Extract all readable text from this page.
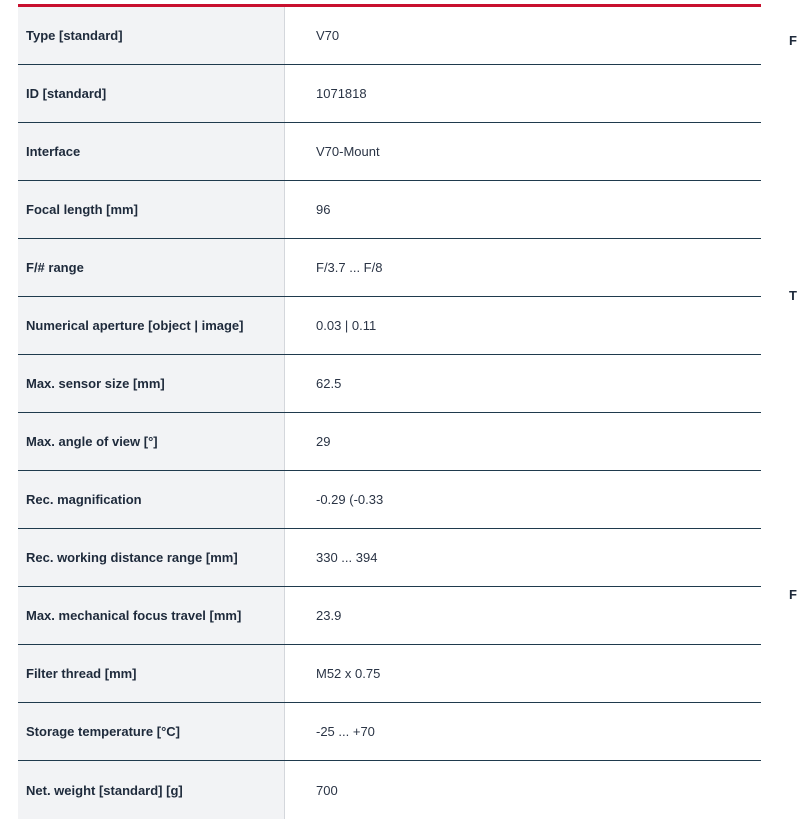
Type [standard]	V70
ID [standard]	1071818
Interface	V70-Mount
Focal length [mm]	96
F/# range	F/3.7 ... F/8
Numerical aperture [object | image]	0.03 | 0.11
Max. sensor size [mm]	62.5
Max. angle of view [°]	29
Rec. magnification	-0.29 (-0.33
Rec. working distance range [mm]	330 ... 394
Max. mechanical focus travel [mm]	23.9
Filter thread [mm]	M52 x 0.75
Storage temperature [°C]	-25 ... +70
Net. weight [standard] [g]	700
F
T
F
